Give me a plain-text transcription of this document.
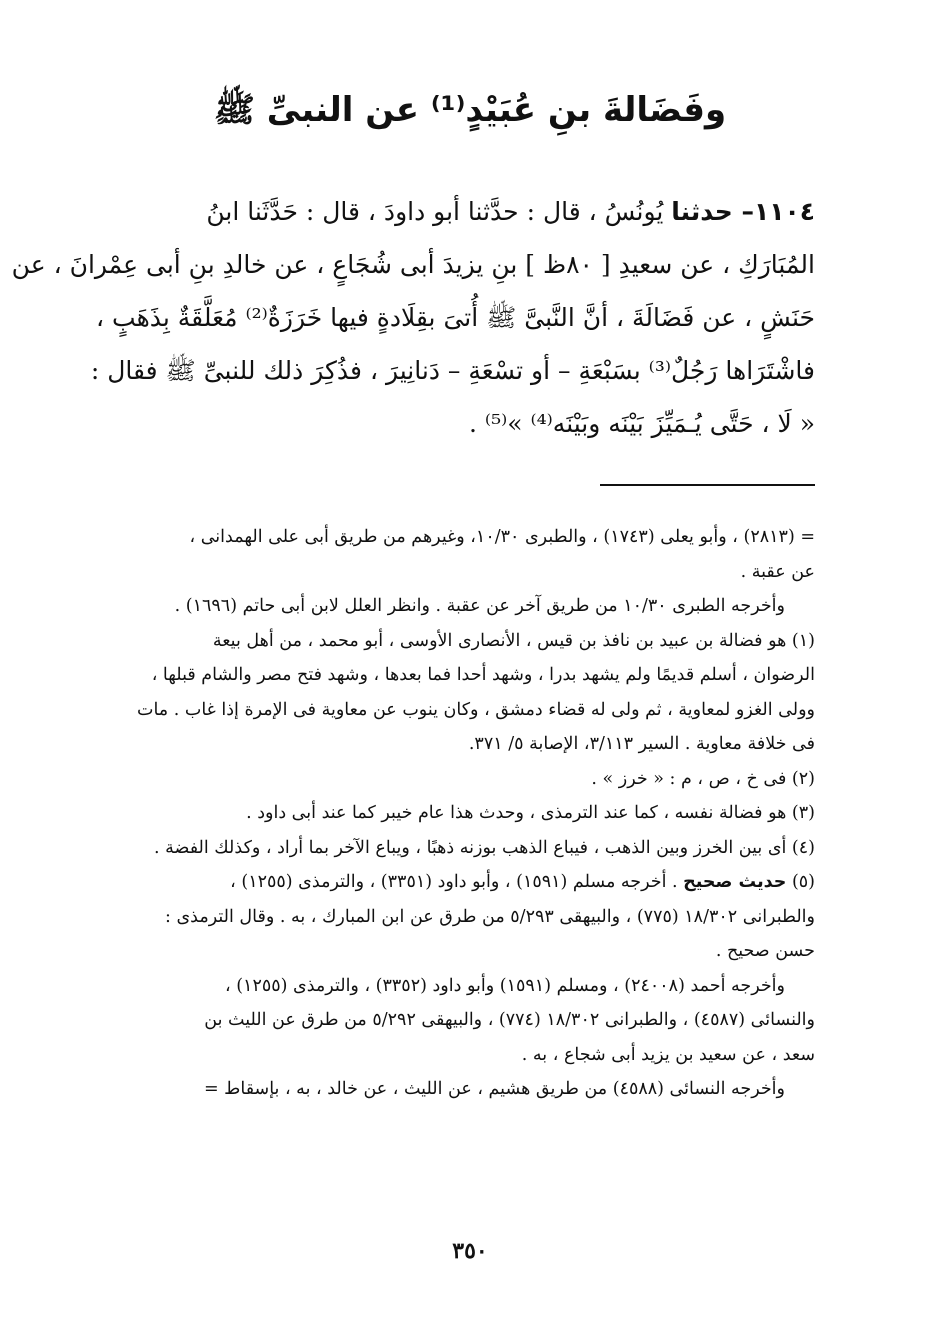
وفَضَالةَ بنِ عُبَيْدٍ⁽¹⁾ عن النبىِّ ﷺ
١١٠٤– حدثنا يُونُسُ ، قال : حدَّثنا أبو داودَ ، قال : حَدَّثَنا ابنُ
المُبَارَكِ ، عن سعيدِ [ ٨٠ظ ] بنِ يزيدَ أبى شُجَاعٍ ، عن خالدِ بنِ أبى عِمْرانَ ، عن
حَنَشٍ ، عن فَضَالَةَ ، أنَّ النَّبىَّ ﷺ أُتىَ بقِلَادةٍ فيها خَرَزَةٌ⁽²⁾ مُعَلَّقَةٌ بِذَهَبٍ ،
فاشْتَرَاها رَجُلٌ⁽³⁾ بسَبْعَةِ – أو تسْعَةِ – دَنانِيرَ ، فذُكِرَ ذلك للنبىِّ ﷺ فقال :
« لَا ، حَتَّى يُـمَيِّزَ بَيْنَه وبَيْنَه⁽⁴⁾ »⁽⁵⁾ .
= (٢٨١٣) ، وأبو يعلى (١٧٤٣) ، والطبرى ١٠/٣٠، وغيرهم من طريق أبى على الهمدانى ،
عن عقبة .
وأخرجه الطبرى ١٠/٣٠ من طريق آخر عن عقبة . وانظر العلل لابن أبى حاتم (١٦٩٦) .
(١) هو فضالة بن عبيد بن نافذ بن قيس ، الأنصارى الأوسى ، أبو محمد ، من أهل بيعة
الرضوان ، أسلم قديمًا ولم يشهد بدرا ، وشهد أحدا فما بعدها ، وشهد فتح مصر والشام قبلها ،
وولى الغزو لمعاوية ، ثم ولى له قضاء دمشق ، وكان ينوب عن معاوية فى الإمرة إذا غاب . مات
فى خلافة معاوية . السير ٣/١١٣، الإصابة ٥/ ٣٧١.
(٢) فى خ ، ص ، م : « خرز » .
(٣) هو فضالة نفسه ، كما عند الترمذى ، وحدث هذا عام خيبر كما عند أبى داود .
(٤) أى بين الخرز وبين الذهب ، فيباع الذهب بوزنه ذهبًا ، ويباع الآخر بما أراد ، وكذلك الفضة .
(٥) حديث صحيح . أخرجه مسلم (١٥٩١) ، وأبو داود (٣٣٥١) ، والترمذى (١٢٥٥) ،
والطبرانى ١٨/٣٠٢ (٧٧٥) ، والبيهقى ٥/٢٩٣ من طرق عن ابن المبارك ، به . وقال الترمذى :
حسن صحيح .
وأخرجه أحمد (٢٤٠٠٨) ، ومسلم (١٥٩١) وأبو داود (٣٣٥٢) ، والترمذى (١٢٥٥) ،
والنسائى (٤٥٨٧) ، والطبرانى ١٨/٣٠٢ (٧٧٤) ، والبيهقى ٥/٢٩٢ من طرق عن الليث بن
سعد ، عن سعيد بن يزيد أبى شجاع ، به .
وأخرجه النسائى (٤٥٨٨) من طريق هشيم ، عن الليث ، عن خالد ، به ، بإسقاط =
٣٥٠
